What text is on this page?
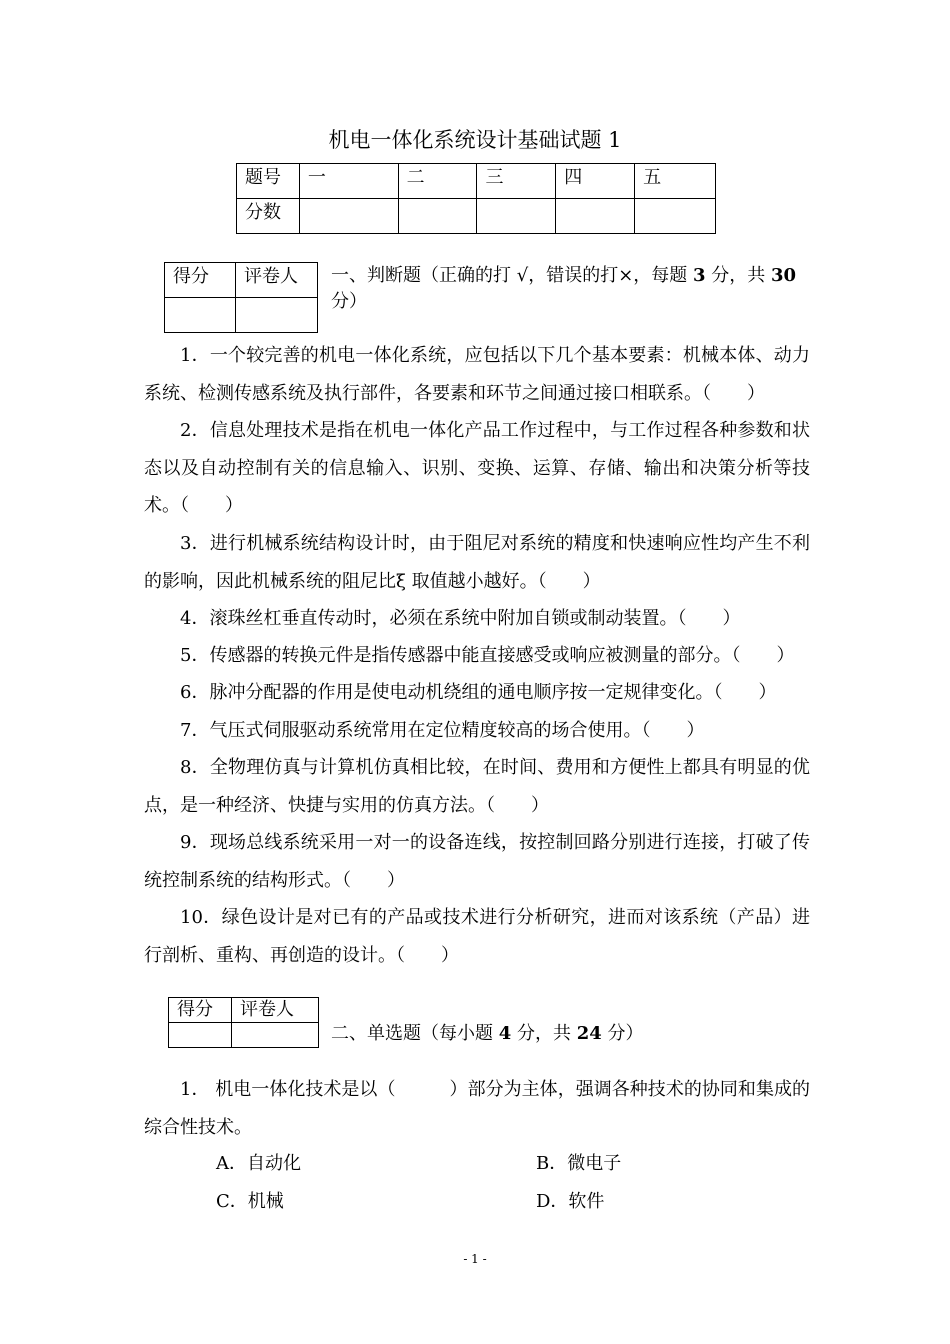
机电一体化系统设计基础试题 1
题号	一	二	三	四	五
分数					
得分	评卷人
	一、判断题（正确的打 √，错误的打×，每题 3 分，共 30
分）
1．一个较完善的机电一体化系统，应包括以下几个基本要素：机械本体、动力系统、检测传感系统及执行部件，各要素和环节之间通过接口相联系。（　　）
2．信息处理技术是指在机电一体化产品工作过程中，与工作过程各种参数和状态以及自动控制有关的信息输入、识别、变换、运算、存储、输出和决策分析等技术。（　　）
3．进行机械系统结构设计时，由于阻尼对系统的精度和快速响应性均产生不利的影响，因此机械系统的阻尼比ξ 取值越小越好。（　　）
4．滚珠丝杠垂直传动时，必须在系统中附加自锁或制动装置。（　　）
5．传感器的转换元件是指传感器中能直接感受或响应被测量的部分。（　　）
6．脉冲分配器的作用是使电动机绕组的通电顺序按一定规律变化。（　　）
7．气压式伺服驱动系统常用在定位精度较高的场合使用。（　　）
8．全物理仿真与计算机仿真相比较，在时间、费用和方便性上都具有明显的优点，是一种经济、快捷与实用的仿真方法。（　　）
9．现场总线系统采用一对一的设备连线，按控制回路分别进行连接，打破了传统控制系统的结构形式。（　　）
10．绿色设计是对已有的产品或技术进行分析研究，进而对该系统（产品）进行剖析、重构、再创造的设计。（　　）
得分	评卷人

二、单选题（每小题 4 分，共 24 分）
1． 机电一体化技术是以（　　　）部分为主体，强调各种技术的协同和集成的综合性技术。
A．自动化	B．微电子
C．机械	D．软件
- 1 -
